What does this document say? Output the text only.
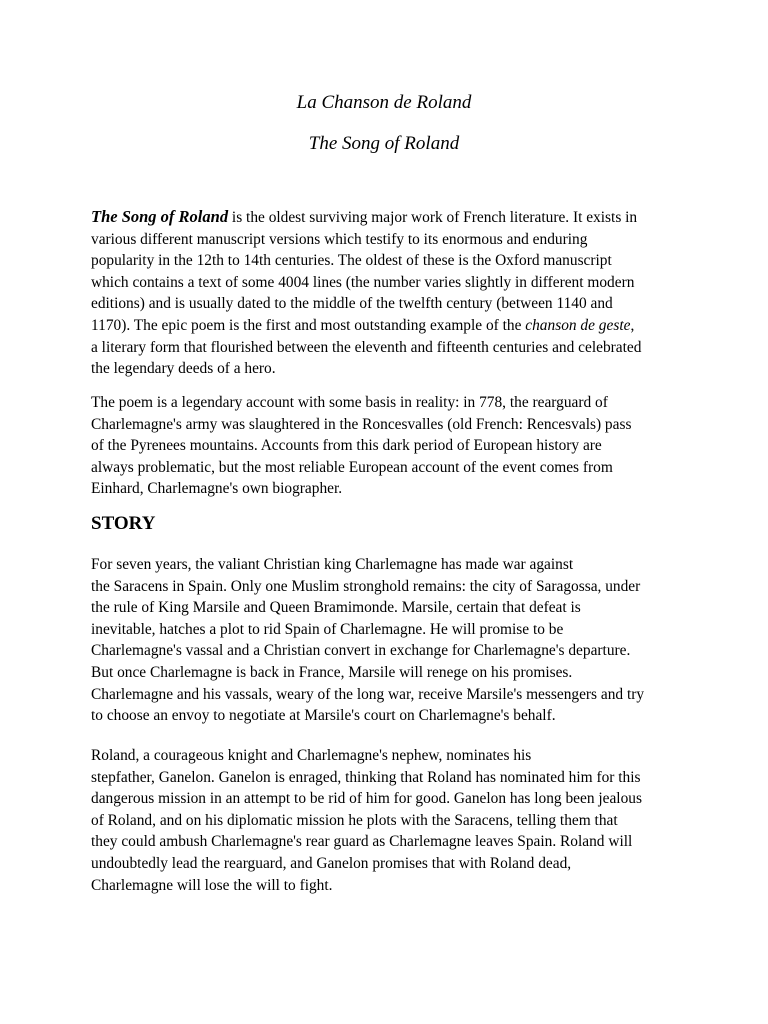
La Chanson de Roland
The Song of Roland

The Song of Roland is the oldest surviving major work of French literature. It exists in
various different manuscript versions which testify to its enormous and enduring
popularity in the 12th to 14th centuries. The oldest of these is the Oxford manuscript
which contains a text of some 4004 lines (the number varies slightly in different modern
editions) and is usually dated to the middle of the twelfth century (between 1140 and
1170). The epic poem is the first and most outstanding example of the chanson de geste,
a literary form that flourished between the eleventh and fifteenth centuries and celebrated
the legendary deeds of a hero.

The poem is a legendary account with some basis in reality: in 778, the rearguard of
Charlemagne's army was slaughtered in the Roncesvalles (old French: Rencesvals) pass
of the Pyrenees mountains. Accounts from this dark period of European history are
always problematic, but the most reliable European account of the event comes from
Einhard, Charlemagne's own biographer.

STORY

For seven years, the valiant Christian king Charlemagne has made war against
the Saracens in Spain. Only one Muslim stronghold remains: the city of Saragossa, under
the rule of King Marsile and Queen Bramimonde. Marsile, certain that defeat is
inevitable, hatches a plot to rid Spain of Charlemagne. He will promise to be
Charlemagne's vassal and a Christian convert in exchange for Charlemagne's departure.
But once Charlemagne is back in France, Marsile will renege on his promises.
Charlemagne and his vassals, weary of the long war, receive Marsile's messengers and try
to choose an envoy to negotiate at Marsile's court on Charlemagne's behalf.

Roland, a courageous knight and Charlemagne's nephew, nominates his
stepfather, Ganelon. Ganelon is enraged, thinking that Roland has nominated him for this
dangerous mission in an attempt to be rid of him for good. Ganelon has long been jealous
of Roland, and on his diplomatic mission he plots with the Saracens, telling them that
they could ambush Charlemagne's rear guard as Charlemagne leaves Spain. Roland will
undoubtedly lead the rearguard, and Ganelon promises that with Roland dead,
Charlemagne will lose the will to fight.
